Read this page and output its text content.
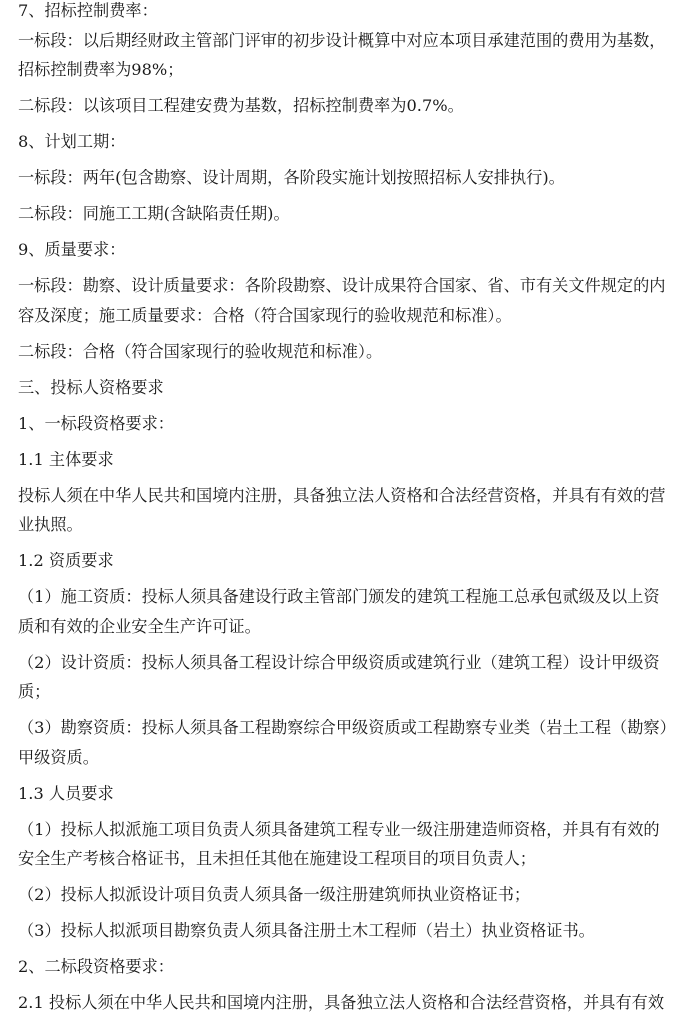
7、招标控制费率：
一标段：以后期经财政主管部门评审的初步设计概算中对应本项目承建范围的费用为基数，
招标控制费率为98%；
二标段：以该项目工程建安费为基数，招标控制费率为0.7%。
8、计划工期：
一标段：两年(包含勘察、设计周期，各阶段实施计划按照招标人安排执行)。
二标段：同施工工期(含缺陷责任期)。
9、质量要求：
一标段：勘察、设计质量要求：各阶段勘察、设计成果符合国家、省、市有关文件规定的内
容及深度；施工质量要求：合格（符合国家现行的验收规范和标准）。
二标段：合格（符合国家现行的验收规范和标准）。
三、投标人资格要求
1、一标段资格要求：
1.1 主体要求
投标人须在中华人民共和国境内注册，具备独立法人资格和合法经营资格，并具有有效的营
业执照。
1.2 资质要求
（1）施工资质：投标人须具备建设行政主管部门颁发的建筑工程施工总承包贰级及以上资
质和有效的企业安全生产许可证。
（2）设计资质：投标人须具备工程设计综合甲级资质或建筑行业（建筑工程）设计甲级资
质；
（3）勘察资质：投标人须具备工程勘察综合甲级资质或工程勘察专业类（岩土工程（勘察）
甲级资质。
1.3 人员要求
（1）投标人拟派施工项目负责人须具备建筑工程专业一级注册建造师资格，并具有有效的
安全生产考核合格证书，且未担任其他在施建设工程项目的项目负责人；
（2）投标人拟派设计项目负责人须具备一级注册建筑师执业资格证书；
（3）投标人拟派项目勘察负责人须具备注册土木工程师（岩土）执业资格证书。
2、二标段资格要求：
2.1 投标人须在中华人民共和国境内注册，具备独立法人资格和合法经营资格，并具有有效
